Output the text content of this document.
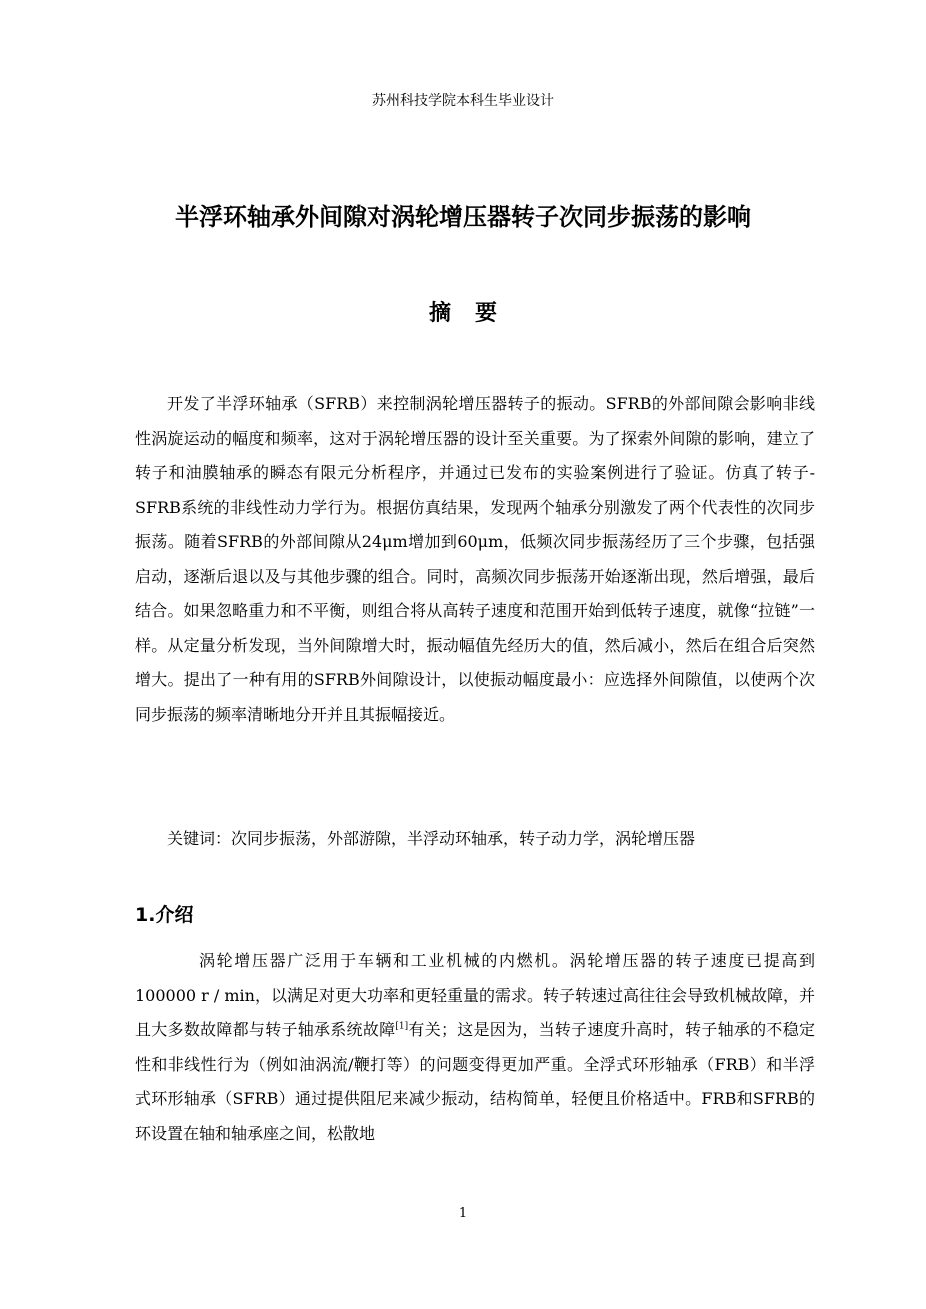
苏州科技学院本科生毕业设计
半浮环轴承外间隙对涡轮增压器转子次同步振荡的影响
摘要

开发了半浮环轴承（SFRB）来控制涡轮增压器转子的振动。SFRB的外部间隙会影响非线性涡旋运动的幅度和频率，这对于涡轮增压器的设计至关重要。为了探索外间隙的影响，建立了转子和油膜轴承的瞬态有限元分析程序，并通过已发布的实验案例进行了验证。仿真了转子-SFRB系统的非线性动力学行为。根据仿真结果，发现两个轴承分别激发了两个代表性的次同步振荡。随着SFRB的外部间隙从24μm增加到60μm，低频次同步振荡经历了三个步骤，包括强启动，逐渐后退以及与其他步骤的组合。同时，高频次同步振荡开始逐渐出现，然后增强，最后结合。如果忽略重力和不平衡，则组合将从高转子速度和范围开始到低转子速度，就像“拉链”一样。从定量分析发现，当外间隙增大时，振动幅值先经历大的值，然后减小，然后在组合后突然增大。提出了一种有用的SFRB外间隙设计，以使振动幅度最小：应选择外间隙值，以使两个次同步振荡的频率清晰地分开并且其振幅接近。

关键词：次同步振荡，外部游隙，半浮动环轴承，转子动力学，涡轮增压器

1.介绍

涡轮增压器广泛用于车辆和工业机械的内燃机。涡轮增压器的转子速度已提高到100000 r / min，以满足对更大功率和更轻重量的需求。转子转速过高往往会导致机械故障，并且大多数故障都与转子轴承系统故障[1]有关；这是因为，当转子速度升高时，转子轴承的不稳定性和非线性行为（例如油涡流/鞭打等）的问题变得更加严重。全浮式环形轴承（FRB）和半浮式环形轴承（SFRB）通过提供阻尼来减少振动，结构简单，轻便且价格适中。FRB和SFRB的环设置在轴和轴承座之间，松散地

1
